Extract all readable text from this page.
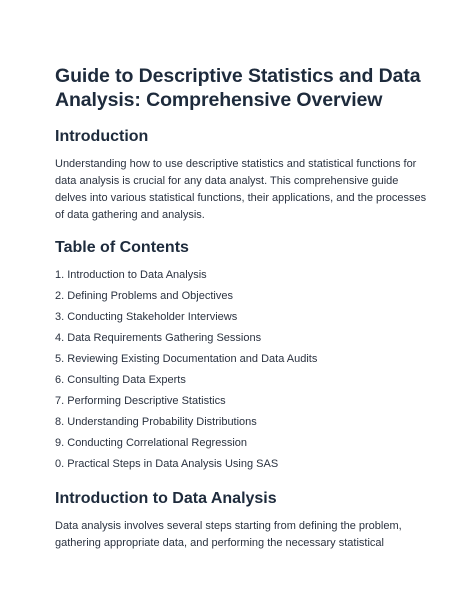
Guide to Descriptive Statistics and Data Analysis: Comprehensive Overview
Introduction

Understanding how to use descriptive statistics and statistical functions for data analysis is crucial for any data analyst. This comprehensive guide delves into various statistical functions, their applications, and the processes of data gathering and analysis.

Table of Contents
1. Introduction to Data Analysis
2. Defining Problems and Objectives
3. Conducting Stakeholder Interviews
4. Data Requirements Gathering Sessions
5. Reviewing Existing Documentation and Data Audits
6. Consulting Data Experts
7. Performing Descriptive Statistics
8. Understanding Probability Distributions
9. Conducting Correlational Regression
0. Practical Steps in Data Analysis Using SAS
Introduction to Data Analysis

Data analysis involves several steps starting from defining the problem, gathering appropriate data, and performing the necessary statistical
